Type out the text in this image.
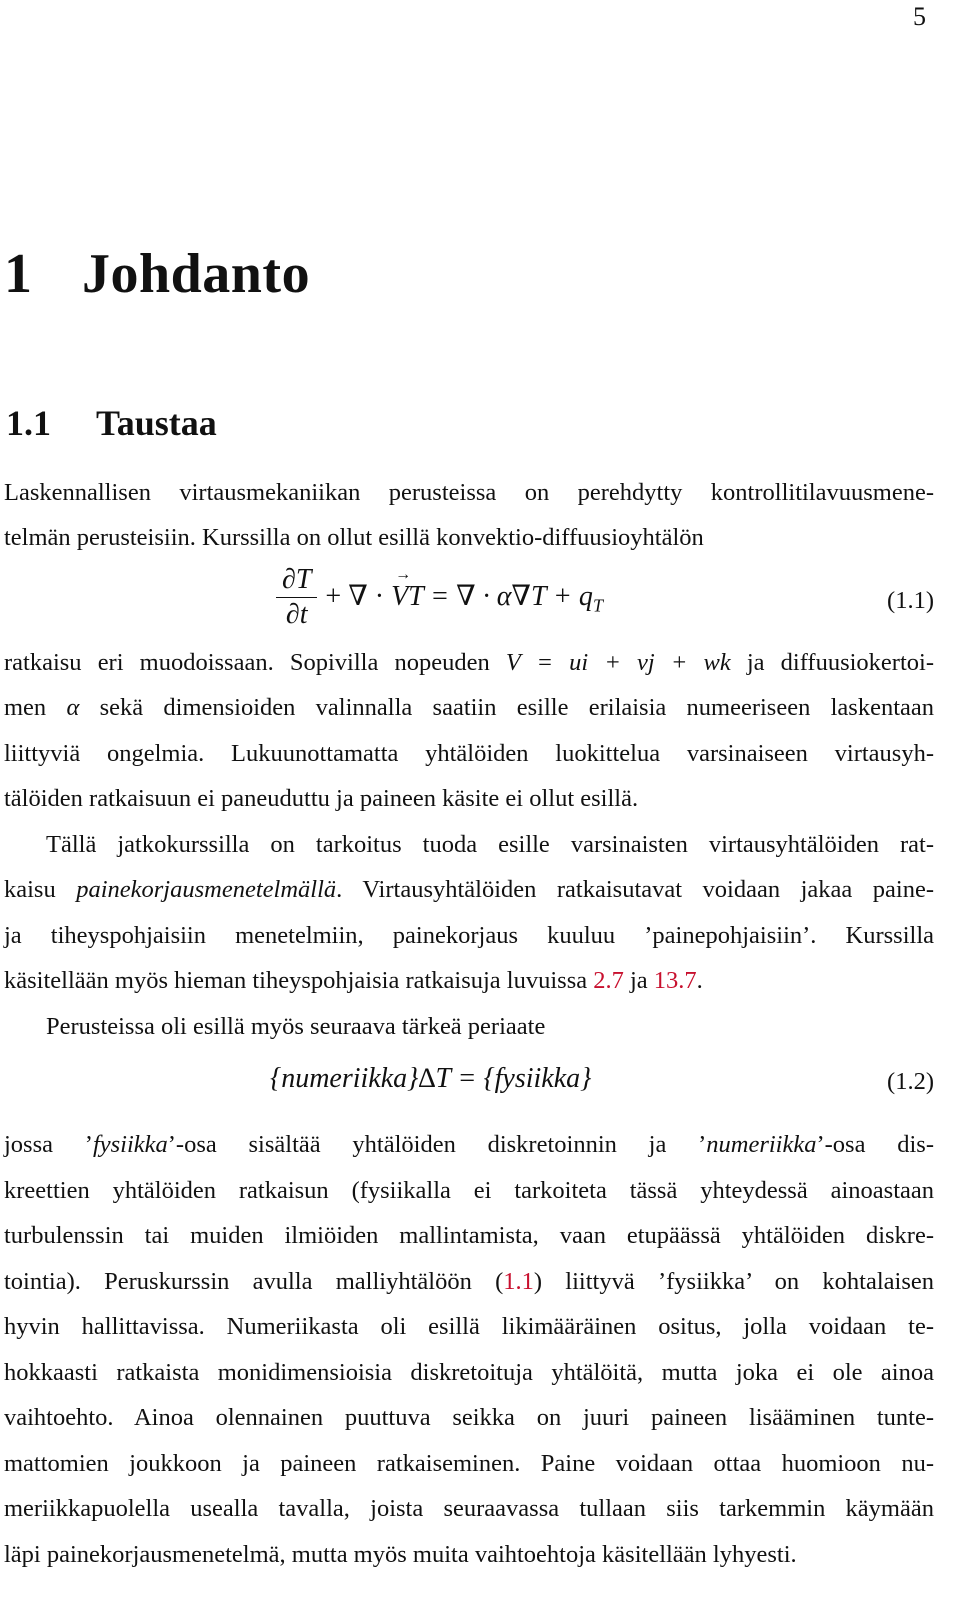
5
1 Johdanto
1.1 Taustaa

Laskennallisen virtausmekaniikan perusteissa on perehdytty kontrollitilavuusmene-

telmän perusteisiin. Kurssilla on ollut esillä konvektio-diffuusioyhtälön

$\frac{\partial T}{\partial t}$ + ∇ · → VT = ∇ · $\alpha\nabla T + q_T$	(1.1)

ratkaisu eri muodoissaan. Sopivilla nopeuden V = ui + vj + wk ja diffuusiokertoi-

men α sekä dimensioiden valinnalla saatiin esille erilaisia numeeriseen laskentaan

liittyviä ongelmia. Lukuunottamatta yhtälöiden luokittelua varsinaiseen virtausyh-

tälöiden ratkaisuun ei paneuduttu ja paineen käsite ei ollut esillä.

Tällä jatkokurssilla on tarkoitus tuoda esille varsinaisten virtausyhtälöiden rat-

kaisu painekorjausmenetelmällä. Virtausyhtälöiden ratkaisutavat voidaan jakaa paine-

ja tiheyspohjaisiin menetelmiin, painekorjaus kuuluu ’painepohjaisiin’. Kurssilla

käsitellään myös hieman tiheyspohjaisia ratkaisuja luvuissa 2.7 ja 13.7.

Perusteissa oli esillä myös seuraava tärkeä periaate

{numeriikka}∆T = {fysiikka}	(1.2)

jossa ’fysiikka’-osa sisältää yhtälöiden diskretoinnin ja ’numeriikka’-osa dis-

kreettien yhtälöiden ratkaisun (fysiikalla ei tarkoiteta tässä yhteydessä ainoastaan

turbulenssin tai muiden ilmiöiden mallintamista, vaan etupäässä yhtälöiden diskre-

tointia). Peruskurssin avulla malliyhtälöön (1.1) liittyvä ’fysiikka’ on kohtalaisen

hyvin hallittavissa. Numeriikasta oli esillä likimääräinen ositus, jolla voidaan te-

hokkaasti ratkaista monidimensioisia diskretoituja yhtälöitä, mutta joka ei ole ainoa

vaihtoehto. Ainoa olennainen puuttuva seikka on juuri paineen lisääminen tunte-

mattomien joukkoon ja paineen ratkaiseminen. Paine voidaan ottaa huomioon nu-

meriikkapuolella usealla tavalla, joista seuraavassa tullaan siis tarkemmin käymään

läpi painekorjausmenetelmä, mutta myös muita vaihtoehtoja käsitellään lyhyesti.
